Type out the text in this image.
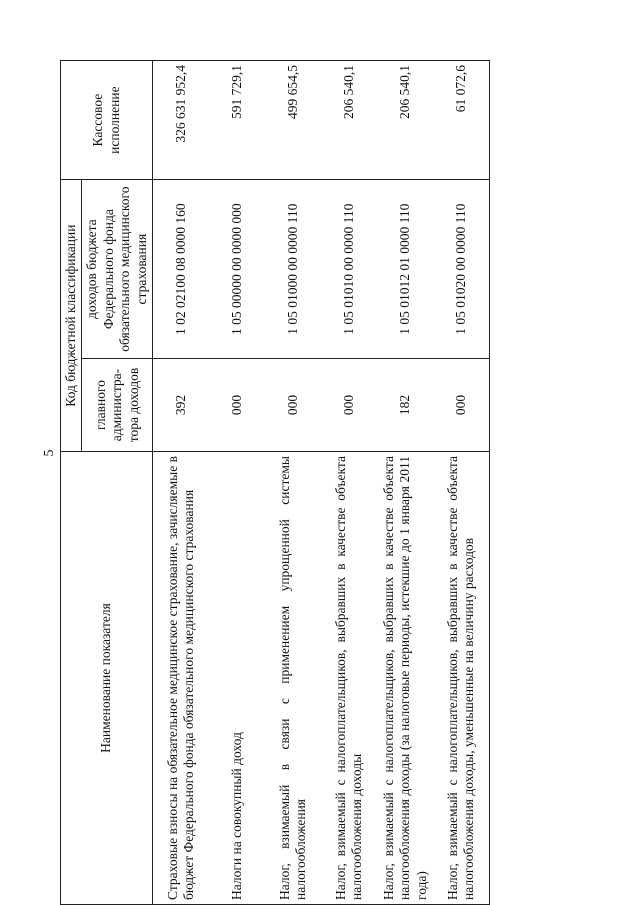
5
Наименование показателя	Код бюджетной классификации		Кассовое исполнение
	главного администра-тора доходов	доходов бюджета Федерального фонда обязательного медицинского страхования	
Страховые взносы на обязательное медицинское страхование, зачисляемые в бюджет Федерального фонда обязательного медицинского страхования	392	1 02 02100 08 0000 160	326 631 952,4
Налоги на совокупный доход	000	1 05 00000 00 0000 000	591 729,1
Налог, взимаемый в связи с применением упрощенной системы налогообложения	000	1 05 01000 00 0000 110	499 654,5
Налог, взимаемый с налогоплательщиков, выбравших в качестве объекта налогообложения доходы	000	1 05 01010 00 0000 110	206 540,1
Налог, взимаемый с налогоплательщиков, выбравших в качестве объекта налогообложения доходы (за налоговые периоды, истекшие до 1 января 2011 года)	182	1 05 01012 01 0000 110	206 540,1
Налог, взимаемый с налогоплательщиков, выбравших в качестве объекта налогообложения доходы, уменьшенные на величину расходов	000	1 05 01020 00 0000 110	61 072,6
